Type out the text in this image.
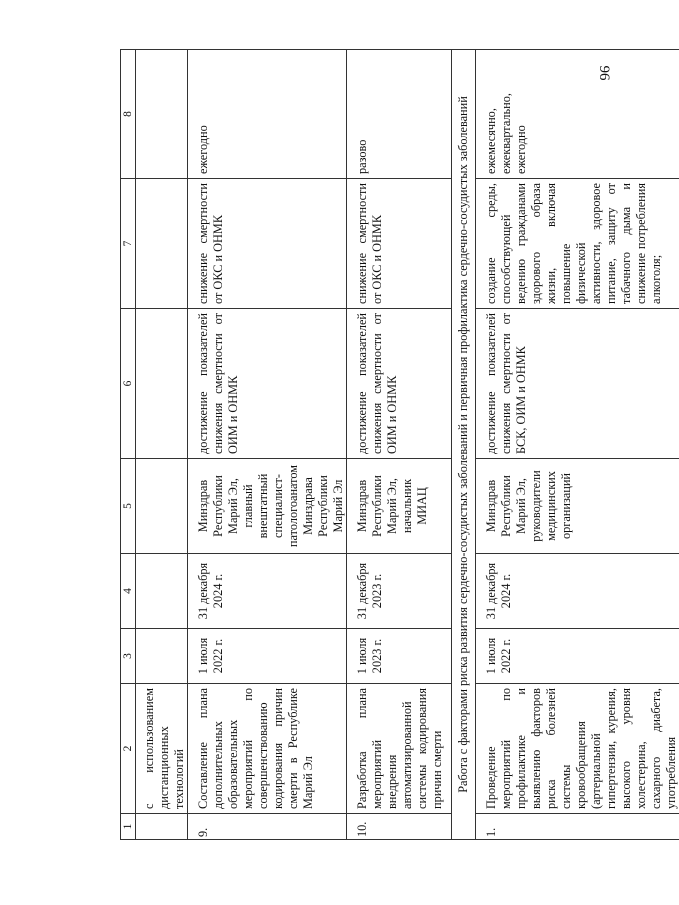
96
1	2	3	4	5	6	7	8
	с использованием дистанционных технологий						
9.	Составление плана дополнительных образовательных мероприятий по совершенствованию кодирования причин смерти в Республике Марий Эл	1 июля 2022 г.	31 декабря 2024 г.	Минздрав Республики Марий Эл, главный внештатный специалист-патологоанатом Минздрава Республики Марий Эл	достижение показателей снижения смертности от ОИМ и ОНМК	снижение смертности от ОКС и ОНМК	ежегодно
10.	Разработка плана мероприятий внедрения автоматизированной системы кодирования причин смерти	1 июля 2023 г.	31 декабря 2023 г.	Минздрав Республики Марий Эл, начальник МИАЦ	достижение показателей снижения смертности от ОИМ и ОНМК	снижение смертности от ОКС и ОНМК	разово
Работа с факторами риска развития сердечно-сосудистых заболеваний и первичная профилактика сердечно-сосудистых заболеваний							
1.	Проведение мероприятий по профилактике и выявлению факторов риска болезней системы кровообращения (артериальной гипертензии, курения, высокого уровня холестерина, сахарного диабета, употребления	1 июля 2022 г.	31 декабря 2024 г.	Минздрав Республики Марий Эл, руководители медицинских организаций	достижение показателей снижения смертности от БСК, ОИМ и ОНМК	создание среды, способствующей ведению гражданами здорового образа жизни, включая повышение физической активности, здоровое питание, защиту от табачного дыма и снижение потребления алкоголя;	ежемесячно, ежеквартально, ежегодно
